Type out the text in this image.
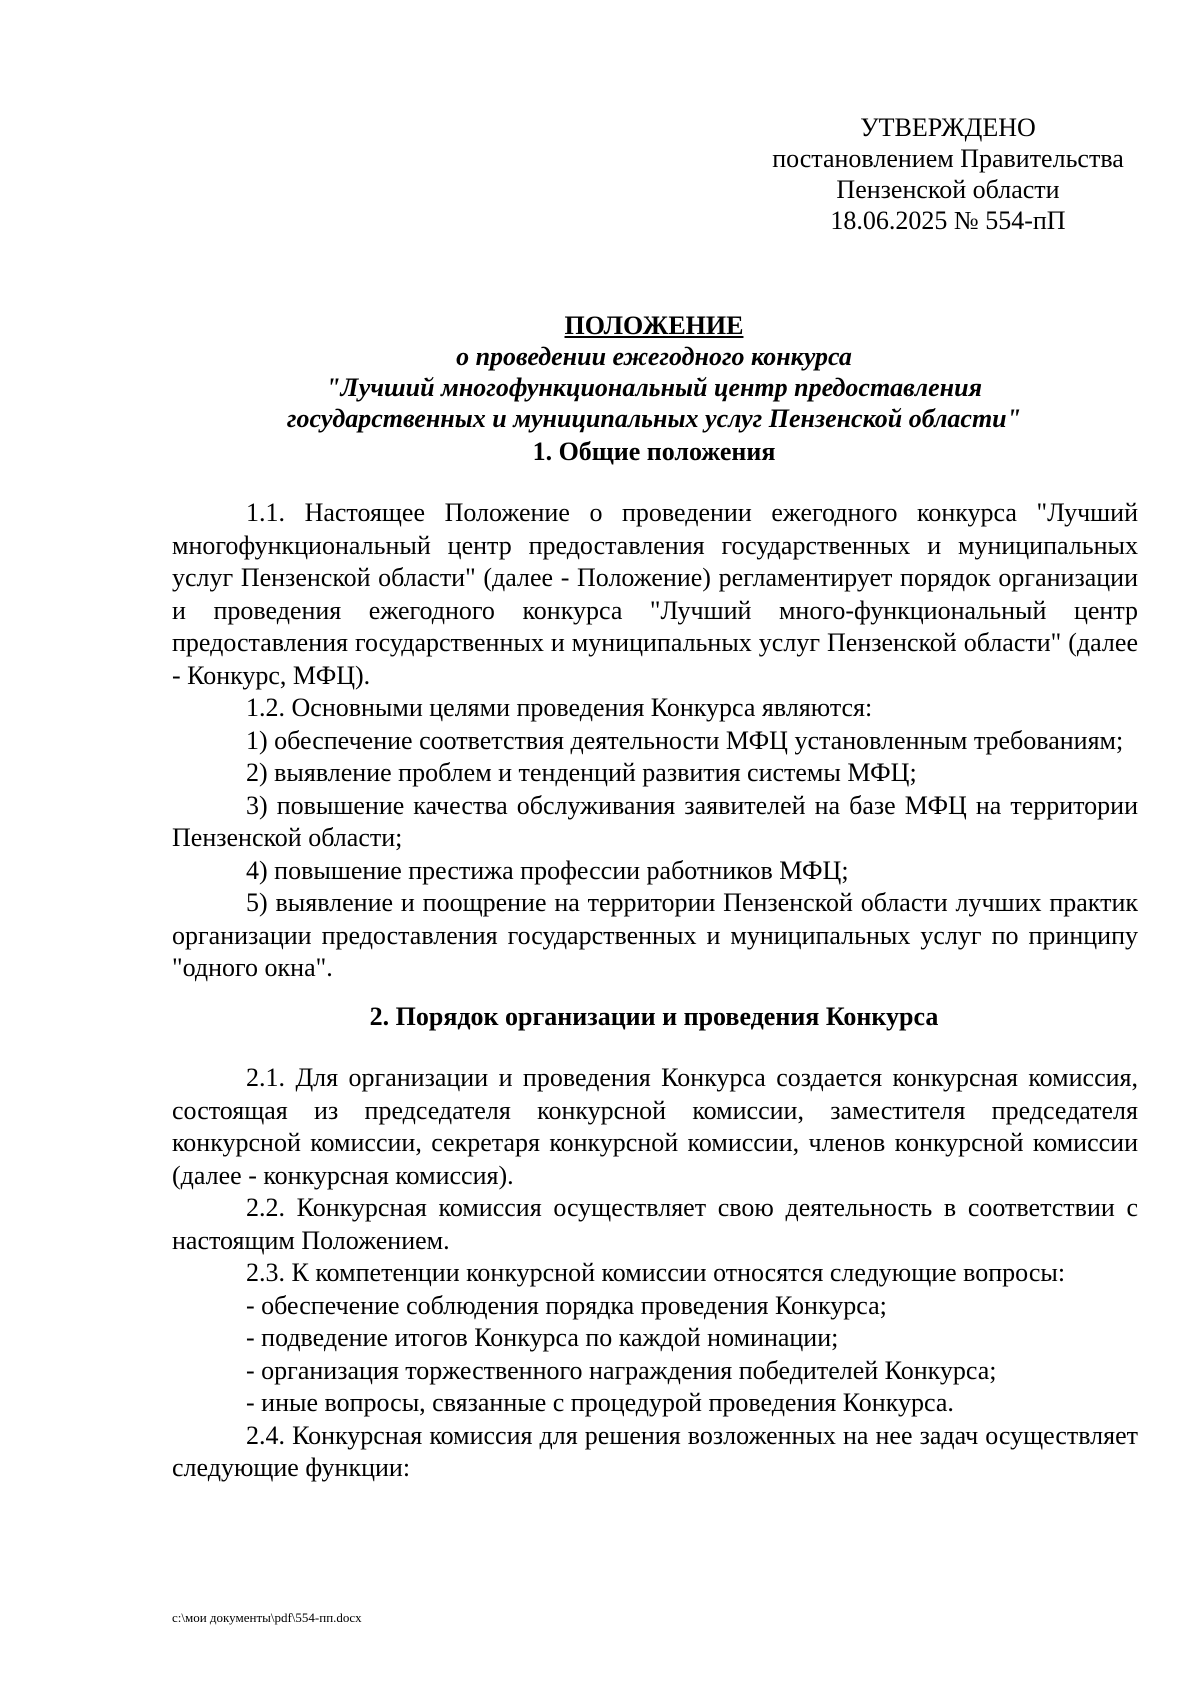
УТВЕРЖДЕНО
постановлением Правительства
Пензенской области
18.06.2025 № 554-пП
ПОЛОЖЕНИЕ
о проведении ежегодного конкурса
"Лучший многофункциональный центр предоставления
государственных и муниципальных услуг Пензенской области"
1. Общие положения

1.1. Настоящее Положение о проведении ежегодного конкурса "Лучший многофункциональный центр предоставления государственных и муниципальных услуг Пензенской области" (далее - Положение) регламентирует порядок организации и проведения ежегодного конкурса "Лучший много-функциональный центр предоставления государственных и муниципальных услуг Пензенской области" (далее - Конкурс, МФЦ).

1.2. Основными целями проведения Конкурса являются:

1) обеспечение соответствия деятельности МФЦ установленным требованиям;

2) выявление проблем и тенденций развития системы МФЦ;

3) повышение качества обслуживания заявителей на базе МФЦ на территории Пензенской области;

4) повышение престижа профессии работников МФЦ;

5) выявление и поощрение на территории Пензенской области лучших практик организации предоставления государственных и муниципальных услуг по принципу "одного окна".

2. Порядок организации и проведения Конкурса

2.1. Для организации и проведения Конкурса создается конкурсная комиссия, состоящая из председателя конкурсной комиссии, заместителя председателя конкурсной комиссии, секретаря конкурсной комиссии, членов конкурсной комиссии (далее - конкурсная комиссия).

2.2. Конкурсная комиссия осуществляет свою деятельность в соответствии с настоящим Положением.

2.3. К компетенции конкурсной комиссии относятся следующие вопросы:

- обеспечение соблюдения порядка проведения Конкурса;

- подведение итогов Конкурса по каждой номинации;

- организация торжественного награждения победителей Конкурса;

- иные вопросы, связанные с процедурой проведения Конкурса.

2.4. Конкурсная комиссия для решения возложенных на нее задач осуществляет следующие функции:

c:\мои документы\pdf\554-пп.docx
